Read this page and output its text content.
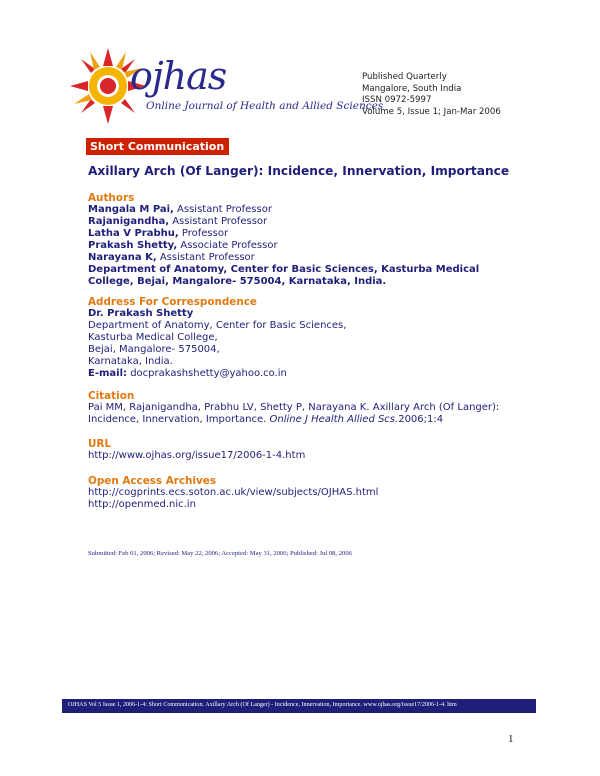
ojhas
Online Journal of Health and Allied Sciences
Published Quarterly
Mangalore, South India
ISSN 0972-5997
Volume 5, Issue 1; Jan-Mar 2006
Short Communication
Axillary Arch (Of Langer): Incidence, Innervation, Importance
Authors
Mangala M Pai, Assistant Professor
Rajanigandha, Assistant Professor
Latha V Prabhu, Professor
Prakash Shetty, Associate Professor
Narayana K, Assistant Professor
Department of Anatomy, Center for Basic Sciences, Kasturba Medical
College, Bejai, Mangalore- 575004, Karnataka, India.
Address For Correspondence
Dr. Prakash Shetty
Department of Anatomy, Center for Basic Sciences,
Kasturba Medical College,
Bejai, Mangalore- 575004,
Karnataka, India.
E-mail: docprakashshetty@yahoo.co.in
Citation
Pai MM, Rajanigandha, Prabhu LV, Shetty P, Narayana K. Axillary Arch (Of Langer):
Incidence, Innervation, Importance. Online J Health Allied Scs.2006;1:4
URL
http://www.ojhas.org/issue17/2006-1-4.htm
Open Access Archives
http://cogprints.ecs.soton.ac.uk/view/subjects/OJHAS.html
http://openmed.nic.in
Submitted: Feb 01, 2006; Revised: May 22, 2006; Accepted: May 31, 2006; Published: Jul 08, 2006
OJHAS Vol 5 Issue 1, 2006-1-4: Short Communication. Axillary Arch (Of Langer) - Incidence, Innervation, Importance. www.ojhas.org/issue17/2006-1-4. htm
1
